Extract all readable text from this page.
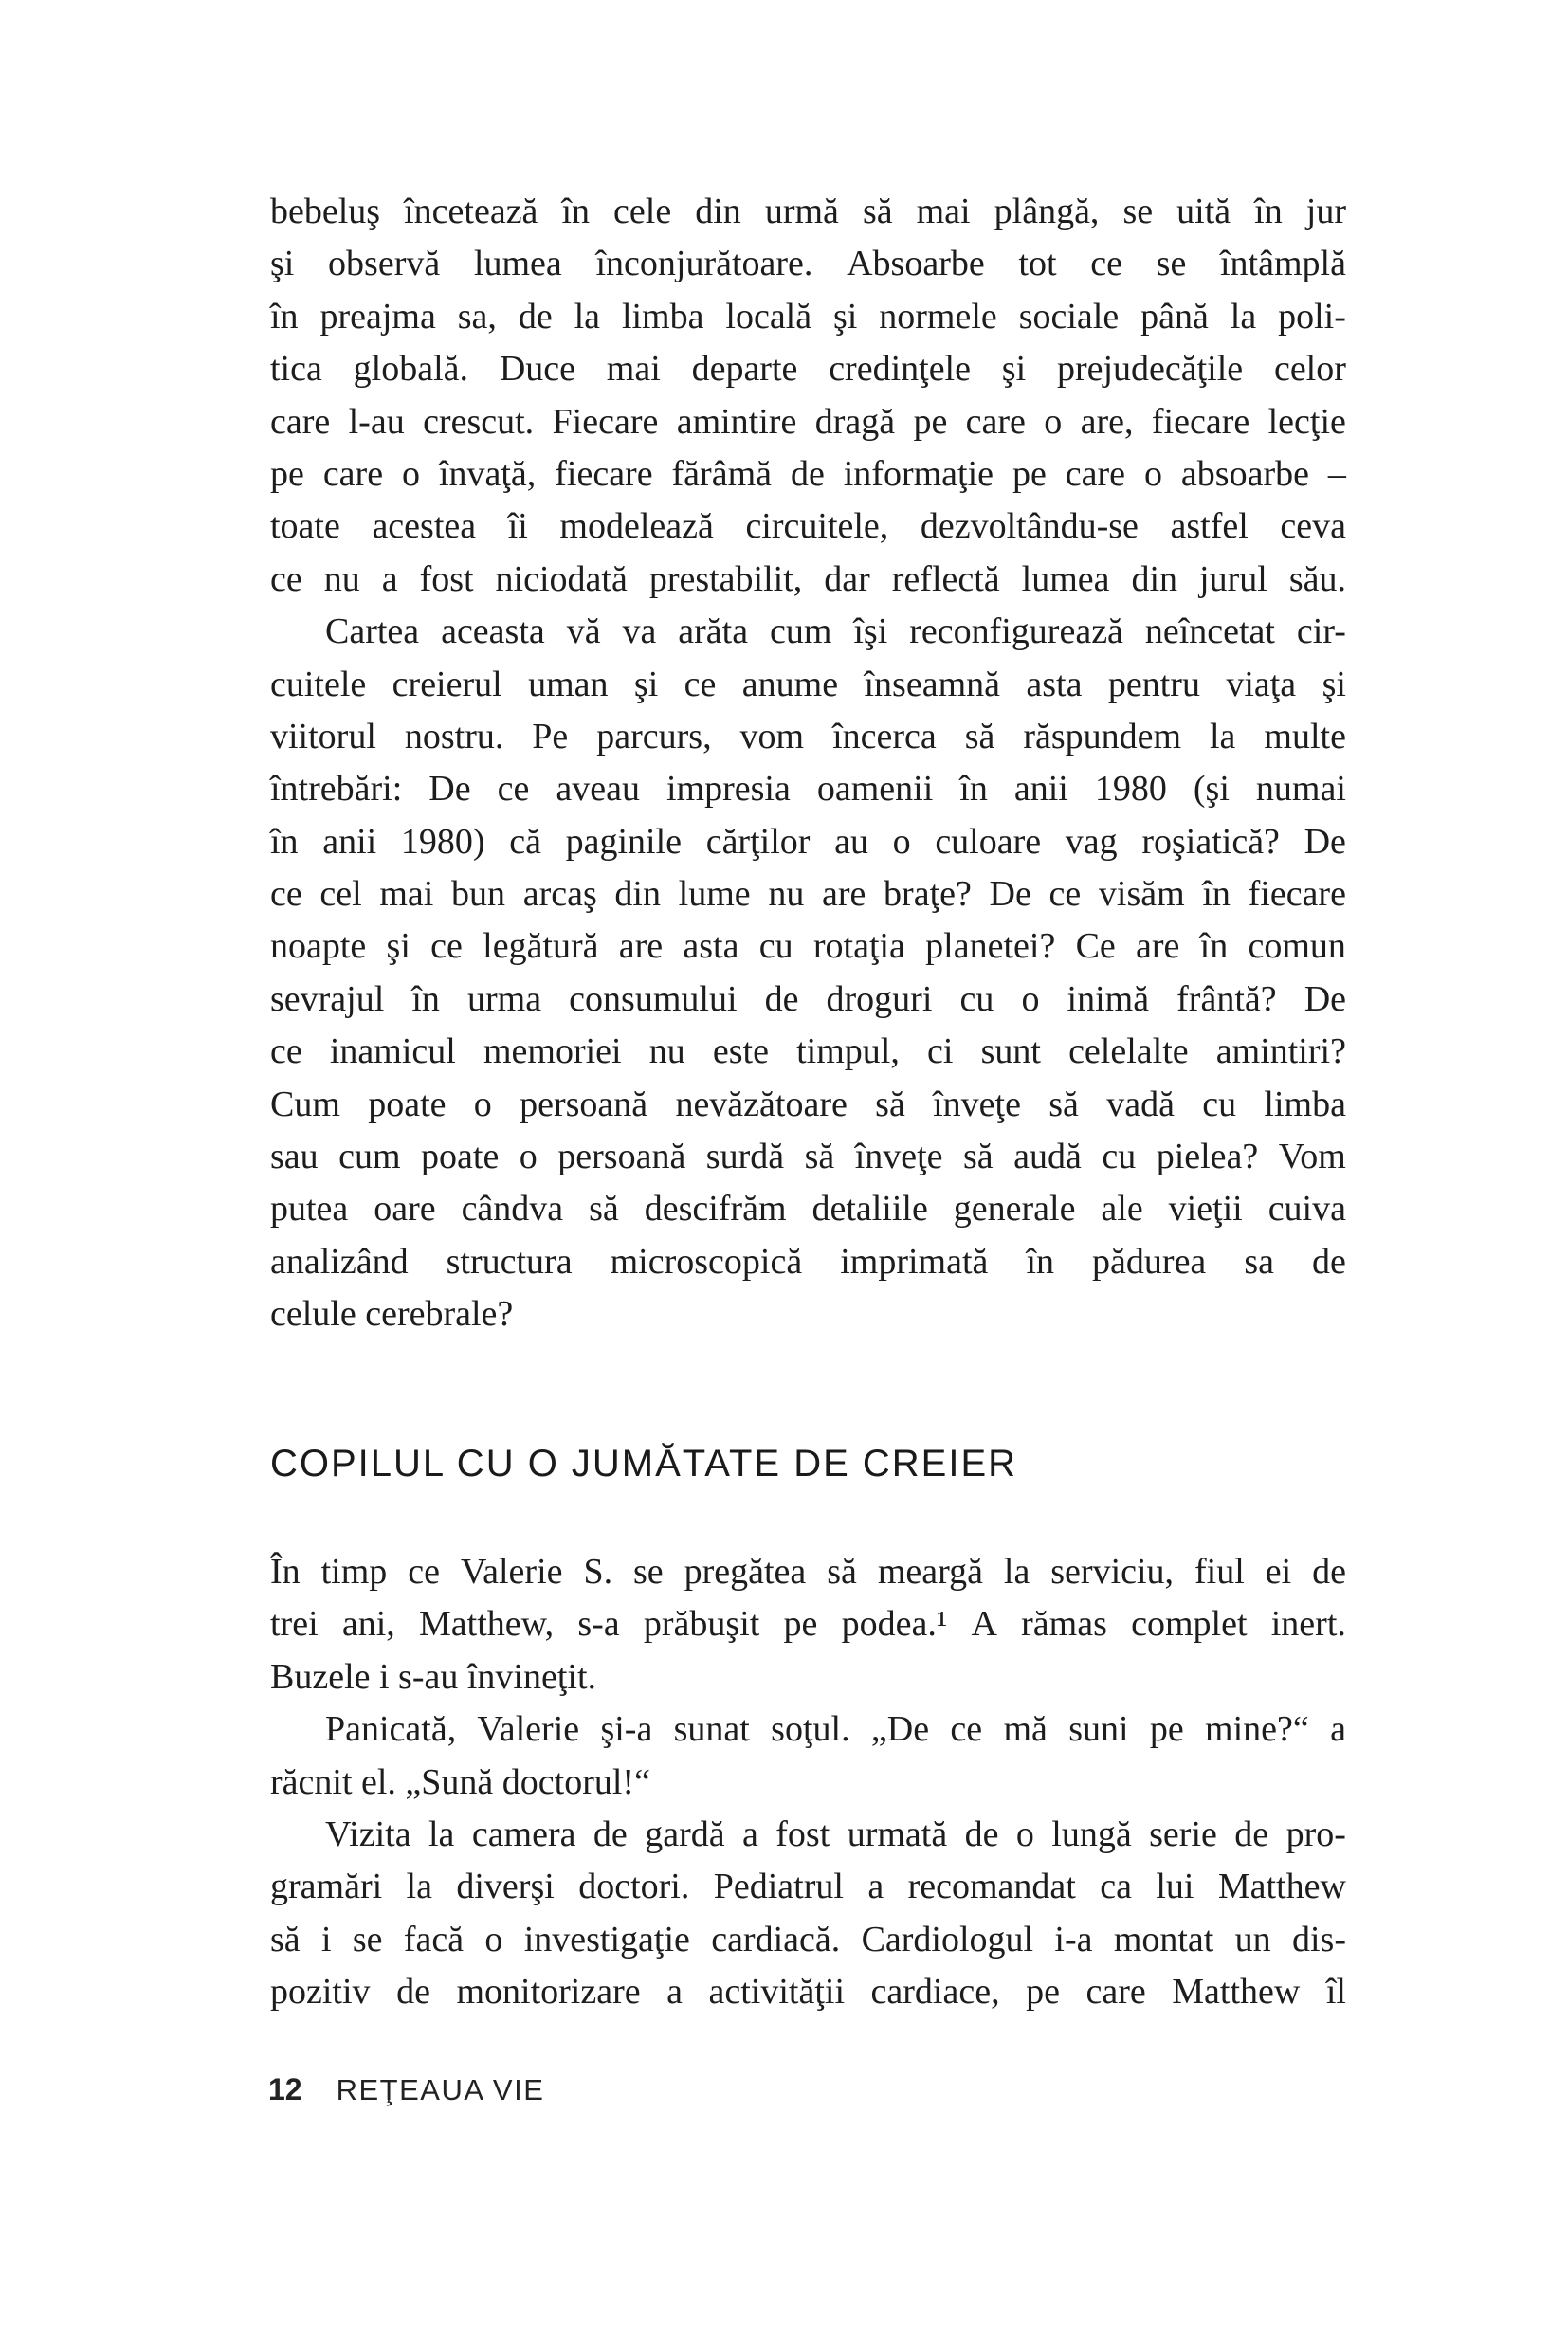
bebeluş încetează în cele din urmă să mai plângă, se uită în jur
şi observă lumea înconjurătoare. Absoarbe tot ce se întâmplă
în preajma sa, de la limba locală şi normele sociale până la poli-
tica globală. Duce mai departe credinţele şi prejudecăţile celor
care l-au crescut. Fiecare amintire dragă pe care o are, fiecare lecţie
pe care o învaţă, fiecare fărâmă de informaţie pe care o absoarbe –
toate acestea îi modelează circuitele, dezvoltându-se astfel ceva
ce nu a fost niciodată prestabilit, dar reflectă lumea din jurul său.
Cartea aceasta vă va arăta cum îşi reconfigurează neîncetat cir-
cuitele creierul uman şi ce anume înseamnă asta pentru viaţa şi
viitorul nostru. Pe parcurs, vom încerca să răspundem la multe
întrebări: De ce aveau impresia oamenii în anii 1980 (şi numai
în anii 1980) că paginile cărţilor au o culoare vag roşiatică? De
ce cel mai bun arcaş din lume nu are braţe? De ce visăm în fiecare
noapte şi ce legătură are asta cu rotaţia planetei? Ce are în comun
sevrajul în urma consumului de droguri cu o inimă frântă? De
ce inamicul memoriei nu este timpul, ci sunt celelalte amintiri?
Cum poate o persoană nevăzătoare să înveţe să vadă cu limba
sau cum poate o persoană surdă să înveţe să audă cu pielea? Vom
putea oare cândva să descifrăm detaliile generale ale vieţii cuiva
analizând structura microscopică imprimată în pădurea sa de
celule cerebrale?
COPILUL CU O JUMĂTATE DE CREIER
În timp ce Valerie S. se pregătea să meargă la serviciu, fiul ei de
trei ani, Matthew, s-a prăbuşit pe podea.¹ A rămas complet inert.
Buzele i s-au învineţit.
Panicată, Valerie şi-a sunat soţul. „De ce mă suni pe mine?“ a
răcnit el. „Sună doctorul!“
Vizita la camera de gardă a fost urmată de o lungă serie de pro-
gramări la diverşi doctori. Pediatrul a recomandat ca lui Matthew
să i se facă o investigaţie cardiacă. Cardiologul i-a montat un dis-
pozitiv de monitorizare a activităţii cardiace, pe care Matthew îl
12 REŢEAUA VIE
